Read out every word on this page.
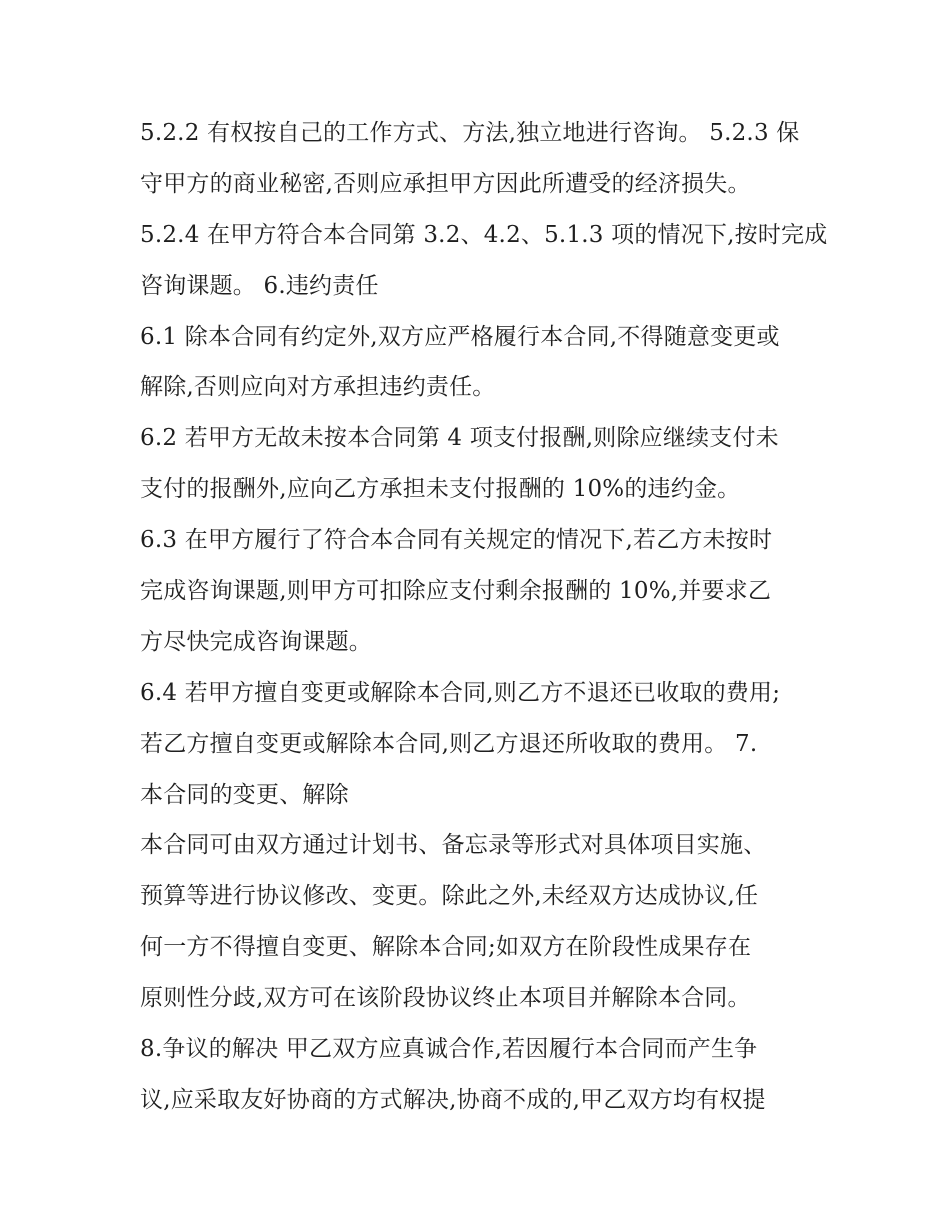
5.2.2 有权按自己的工作方式、方法,独立地进行咨询。 5.2.3 保
守甲方的商业秘密,否则应承担甲方因此所遭受的经济损失。
5.2.4 在甲方符合本合同第 3.2、4.2、5.1.3 项的情况下,按时完成
咨询课题。 6.违约责任
6.1 除本合同有约定外,双方应严格履行本合同,不得随意变更或
解除,否则应向对方承担违约责任。
6.2 若甲方无故未按本合同第 4 项支付报酬,则除应继续支付未
支付的报酬外,应向乙方承担未支付报酬的 10%的违约金。
6.3 在甲方履行了符合本合同有关规定的情况下,若乙方未按时
完成咨询课题,则甲方可扣除应支付剩余报酬的 10%,并要求乙
方尽快完成咨询课题。
6.4 若甲方擅自变更或解除本合同,则乙方不退还已收取的费用;
若乙方擅自变更或解除本合同,则乙方退还所收取的费用。 7.
本合同的变更、解除
本合同可由双方通过计划书、备忘录等形式对具体项目实施、
预算等进行协议修改、变更。除此之外,未经双方达成协议,任
何一方不得擅自变更、解除本合同;如双方在阶段性成果存在
原则性分歧,双方可在该阶段协议终止本项目并解除本合同。
8.争议的解决 甲乙双方应真诚合作,若因履行本合同而产生争
议,应采取友好协商的方式解决,协商不成的,甲乙双方均有权提
